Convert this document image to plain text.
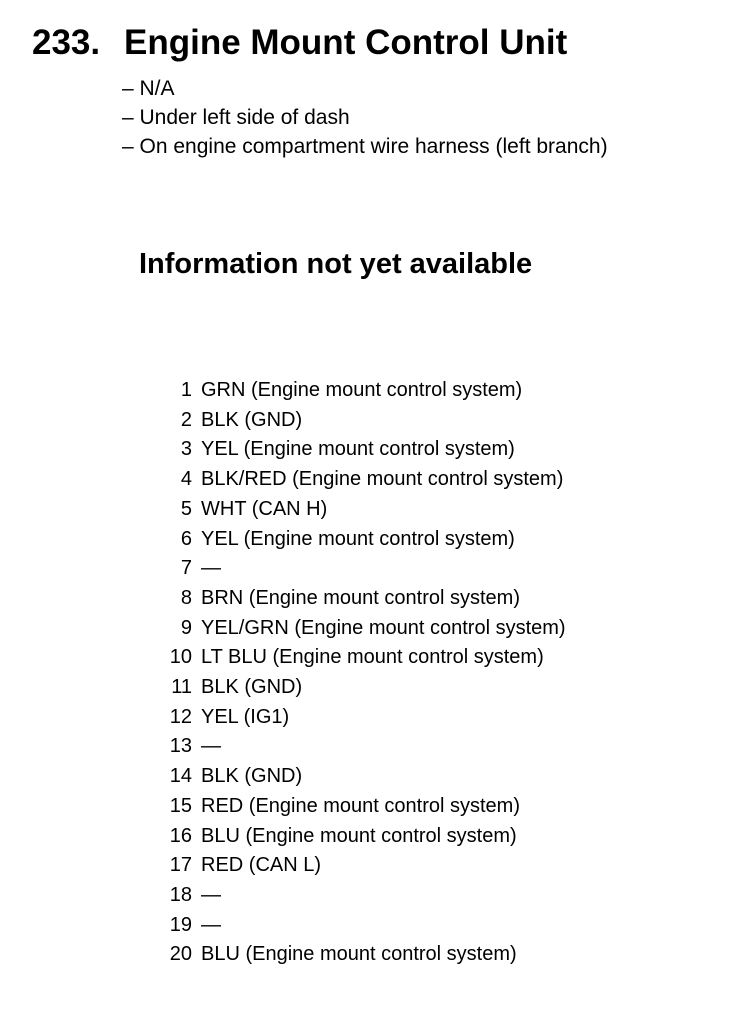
233. Engine Mount Control Unit
– N/A
– Under left side of dash
– On engine compartment wire harness (left branch)
Information not yet available
1 GRN (Engine mount control system)
2 BLK (GND)
3 YEL (Engine mount control system)
4 BLK/RED (Engine mount control system)
5 WHT (CAN H)
6 YEL (Engine mount control system)
7 —
8 BRN (Engine mount control system)
9 YEL/GRN (Engine mount control system)
10 LT BLU (Engine mount control system)
11 BLK (GND)
12 YEL (IG1)
13 —
14 BLK (GND)
15 RED (Engine mount control system)
16 BLU (Engine mount control system)
17 RED (CAN L)
18 —
19 —
20 BLU (Engine mount control system)
